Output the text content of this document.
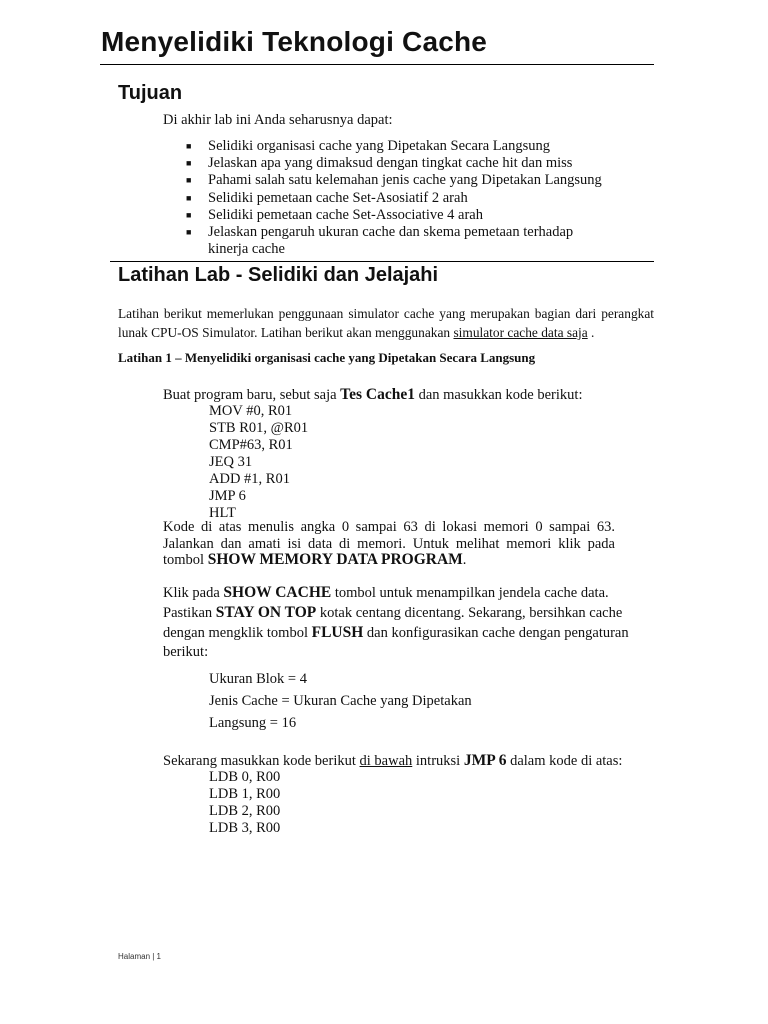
Menyelidiki Teknologi Cache
Tujuan
Di akhir lab ini Anda seharusnya dapat:
■ Selidiki organisasi cache yang Dipetakan Secara Langsung
■ Jelaskan apa yang dimaksud dengan tingkat cache hit dan miss
■ Pahami salah satu kelemahan jenis cache yang Dipetakan Langsung
■ Selidiki pemetaan cache Set-Asosiatif 2 arah
■ Selidiki pemetaan cache Set-Associative 4 arah
■ Jelaskan pengaruh ukuran cache dan skema pemetaan terhadap kinerja cache
Latihan Lab - Selidiki dan Jelajahi
Latihan berikut memerlukan penggunaan simulator cache yang merupakan bagian dari perangkat lunak CPU-OS Simulator. Latihan berikut akan menggunakan simulator cache data saja .
Latihan 1 – Menyelidiki organisasi cache yang Dipetakan Secara Langsung
Buat program baru, sebut saja Tes Cache1 dan masukkan kode berikut:
MOV #0, R01
STB R01, @R01
CMP#63, R01
JEQ 31
ADD #1, R01
JMP 6
HLT
Kode di atas menulis angka 0 sampai 63 di lokasi memori 0 sampai 63. Jalankan dan amati isi data di memori. Untuk melihat memori klik pada tombol SHOW MEMORY DATA PROGRAM.
Klik pada SHOW CACHE tombol untuk menampilkan jendela cache data. Pastikan STAY ON TOP kotak centang dicentang. Sekarang, bersihkan cache dengan mengklik tombol FLUSH dan konfigurasikan cache dengan pengaturan berikut:
Ukuran Blok = 4
Jenis Cache = Ukuran Cache yang Dipetakan
Langsung = 16
Sekarang masukkan kode berikut di bawah intruksi JMP 6 dalam kode di atas:
LDB 0, R00
LDB 1, R00
LDB 2, R00
LDB 3, R00
Halaman | 1
